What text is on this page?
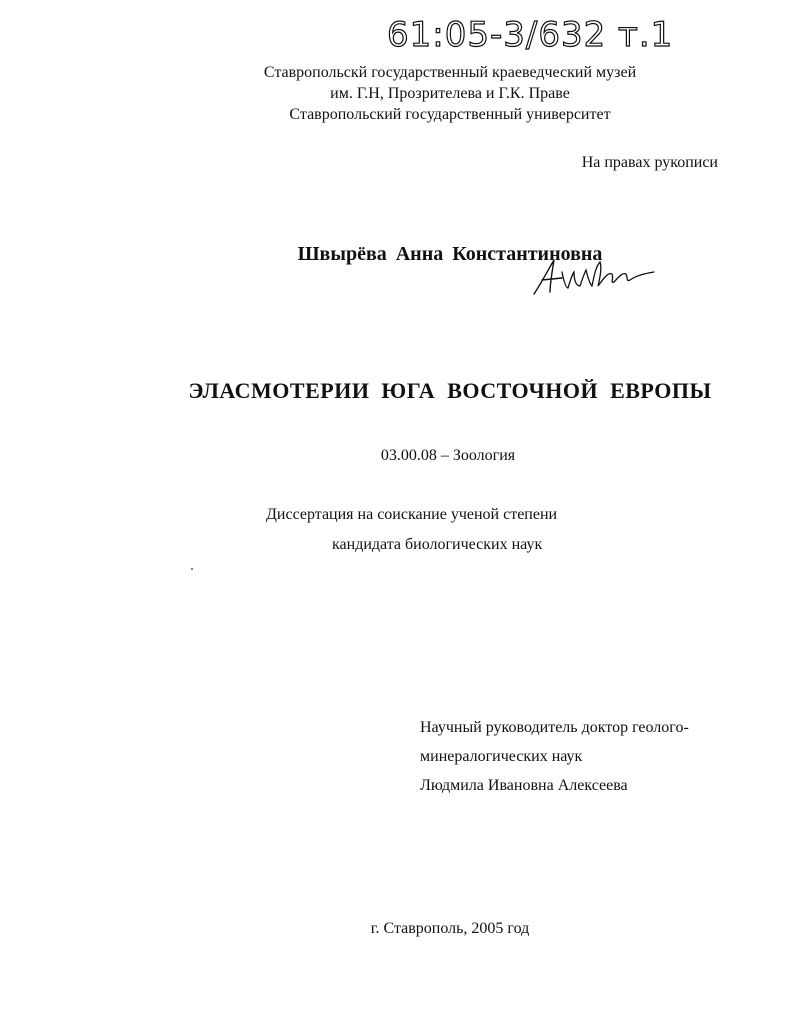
61:05-3/632 т.1
Ставропольскй государственный краеведческий музей
им. Г.Н, Прозрителева и Г.К. Праве
Ставропольский государственный университет
На правах рукописи
Швырёва Анна Константиновна
ЭЛАСМОТЕРИИ ЮГА ВОСТОЧНОЙ ЕВРОПЫ
03.00.08 – Зоология
Диссертация на соискание ученой степени
кандидата биологических наук
Научный руководитель доктор геолого-
минералогических наук
Людмила Ивановна Алексеева
г. Ставрополь, 2005 год
